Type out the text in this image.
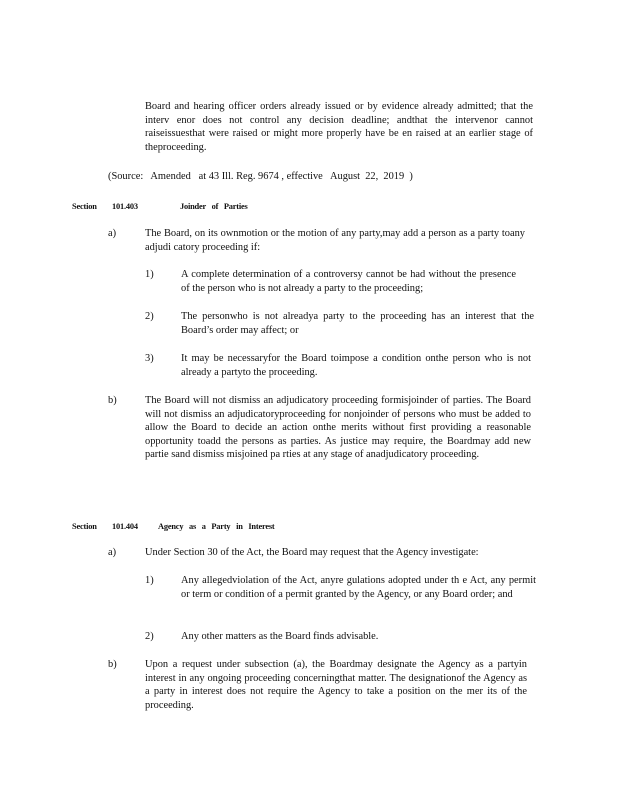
Board and hearing officer orders already issued or by evidence already admitted; that the interv enor does not control any decision deadline; andthat the intervenor cannot raiseissuesthat were raised or might more properly have be en raised at an earlier stage of theproceeding.

(Source:   Amended   at 43 Ill. Reg. 9674 , effective   August  22,  2019  )

Section 101.403	Joinder   of   Parties

a)	The Board, on its ownmotion or the motion of any party,may add a person as a party toany adjudi catory proceeding if:

1)	A complete determination of a controversy cannot be had without the presence of the person who is not already a party to the proceeding;

2)	The personwho is not alreadya party to the proceeding has an interest that the Board’s order may affect; or

3)	It may be necessaryfor the Board toimpose a condition onthe person who is not already a partyto the proceeding.

b)	The Board will not dismiss an adjudicatory proceeding formisjoinder of parties. The Board will not dismiss an adjudicatoryproceeding for nonjoinder of persons who must be added to allow the Board to decide an action onthe merits without first providing a reasonable opportunity toadd the persons as parties. As justice may require, the Boardmay add new partie sand dismiss misjoined pa rties at any stage of anadjudicatory proceeding.

Section 101.404 Agency   as   a   Party   in   Interest

a)	Under Section 30 of the Act, the Board may request that the Agency investigate:

1)	Any allegedviolation of the Act, anyre gulations adopted under th e Act, any permit or term or condition of a permit granted by the Agency, or any Board order; and

2)	Any other matters as the Board finds advisable.

b)	Upon a request under subsection (a), the Boardmay designate the Agency as a partyin interest in any ongoing proceeding concerningthat matter. The designationof the Agency as a party in interest does not require the Agency to take a position on the mer its of the proceeding.
